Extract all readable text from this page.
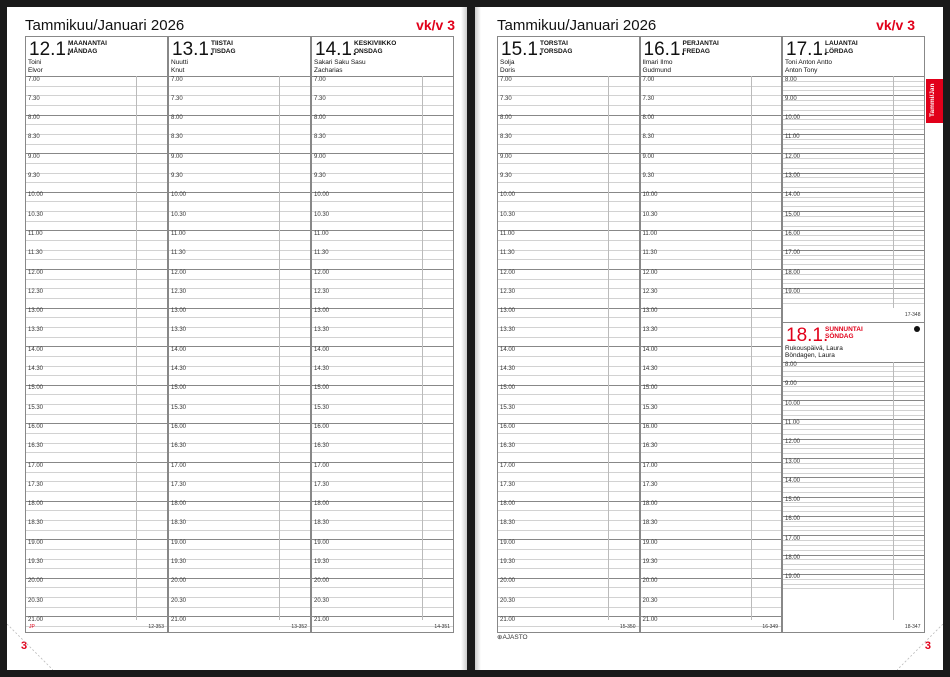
Tammikuu/Januari 2026	vk/v 3
12.1.
MAANANTAI
MÅNDAG
Toini
Elvor
7.00
7.30
8.00
8.30
9.00
9.30
10.00
10.30
11.00
11.30
12.00
12.30
13.00
13.30
14.00
14.30
15.00
15.30
16.00
16.30
17.00
17.30
18.00
18.30
19.00
19.30
20.00
20.30
21.00
12-353
JP
13.1.
TIISTAI
TISDAG
Nuutti
Knut
7.00
7.30
8.00
8.30
9.00
9.30
10.00
10.30
11.00
11.30
12.00
12.30
13.00
13.30
14.00
14.30
15.00
15.30
16.00
16.30
17.00
17.30
18.00
18.30
19.00
19.30
20.00
20.30
21.00
13-352
14.1.
KESKIVIIKKO
ONSDAG
Sakari Saku Sasu
Zacharias
7.00
7.30
8.00
8.30
9.00
9.30
10.00
10.30
11.00
11.30
12.00
12.30
13.00
13.30
14.00
14.30
15.00
15.30
16.00
16.30
17.00
17.30
18.00
18.30
19.00
19.30
20.00
20.30
21.00
14-351
3
Tammikuu/Januari 2026	vk/v 3
15.1.
TORSTAI
TORSDAG
Solja
Doris
7.00
7.30
8.00
8.30
9.00
9.30
10.00
10.30
11.00
11.30
12.00
12.30
13.00
13.30
14.00
14.30
15.00
15.30
16.00
16.30
17.00
17.30
18.00
18.30
19.00
19.30
20.00
20.30
21.00
15-350
16.1.
PERJANTAI
FREDAG
Ilmari Ilmo
Gudmund
7.00
7.30
8.00
8.30
9.00
9.30
10.00
10.30
11.00
11.30
12.00
12.30
13.00
13.30
14.00
14.30
15.00
15.30
16.00
16.30
17.00
17.30
18.00
18.30
19.00
19.30
20.00
20.30
21.00
16-349
17.1.
LAUANTAI
LÖRDAG
Toni Anton Antto
Anton Tony
8.00
9.00
10.00
11.00
12.00
13.00
14.00
15.00
16.00
17.00
18.00
19.00
17-348
18.1.
SUNNUNTAI
SÖNDAG
Rukouspäivä, Laura
Böndagen, Laura
8.00
9.00
10.00
11.00
12.00
13.00
14.00
15.00
16.00
17.00
18.00
19.00
18-347
⊕AJASTO
Tammi/Jan
3
